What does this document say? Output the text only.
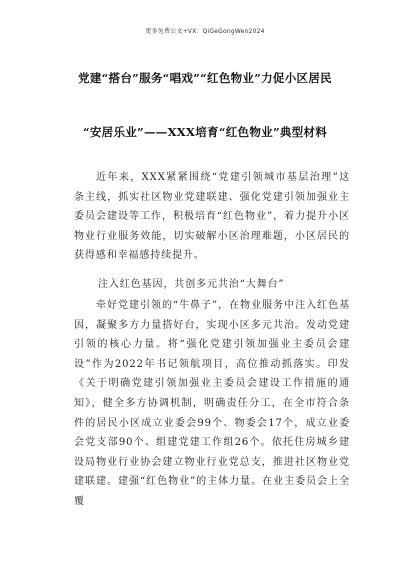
更多免费公文+VX：QiGeGongWen2024
党建“搭台”服务“唱戏”“红色物业”力促小区居民
“安居乐业”——XXX培育“红色物业”典型材料
近年来，XXX紧紧围绕“党建引领城市基层治理”这条主线，抓实社区物业党建联建、强化党建引领加强业主委员会建设等工作，积极培育“红色物业”，着力提升小区物业行业服务效能，切实破解小区治理难题，小区居民的获得感和幸福感持续提升。
注入红色基因，共创多元共治“大舞台”
牵好党建引领的“牛鼻子”，在物业服务中注入红色基因，凝聚多方力量搭好台，实现小区多元共治。发动党建引领的核心力量。将“强化党建引领加强业主委员会建设”作为2022年书记领航项目，高位推动抓落实。印发《关于明确党建引领加强业主委员会建设工作措施的通知》，健全多方协调机制，明确责任分工，在全市符合条件的居民小区成立业委会99个、物委会17个，成立业委会党支部90个、组建党建工作组26个。依托住房城乡建设局物业行业协会建立物业行业党总支，推进社区物业党建联建。建强“红色物业”的主体力量。在业主委员会上全覆
